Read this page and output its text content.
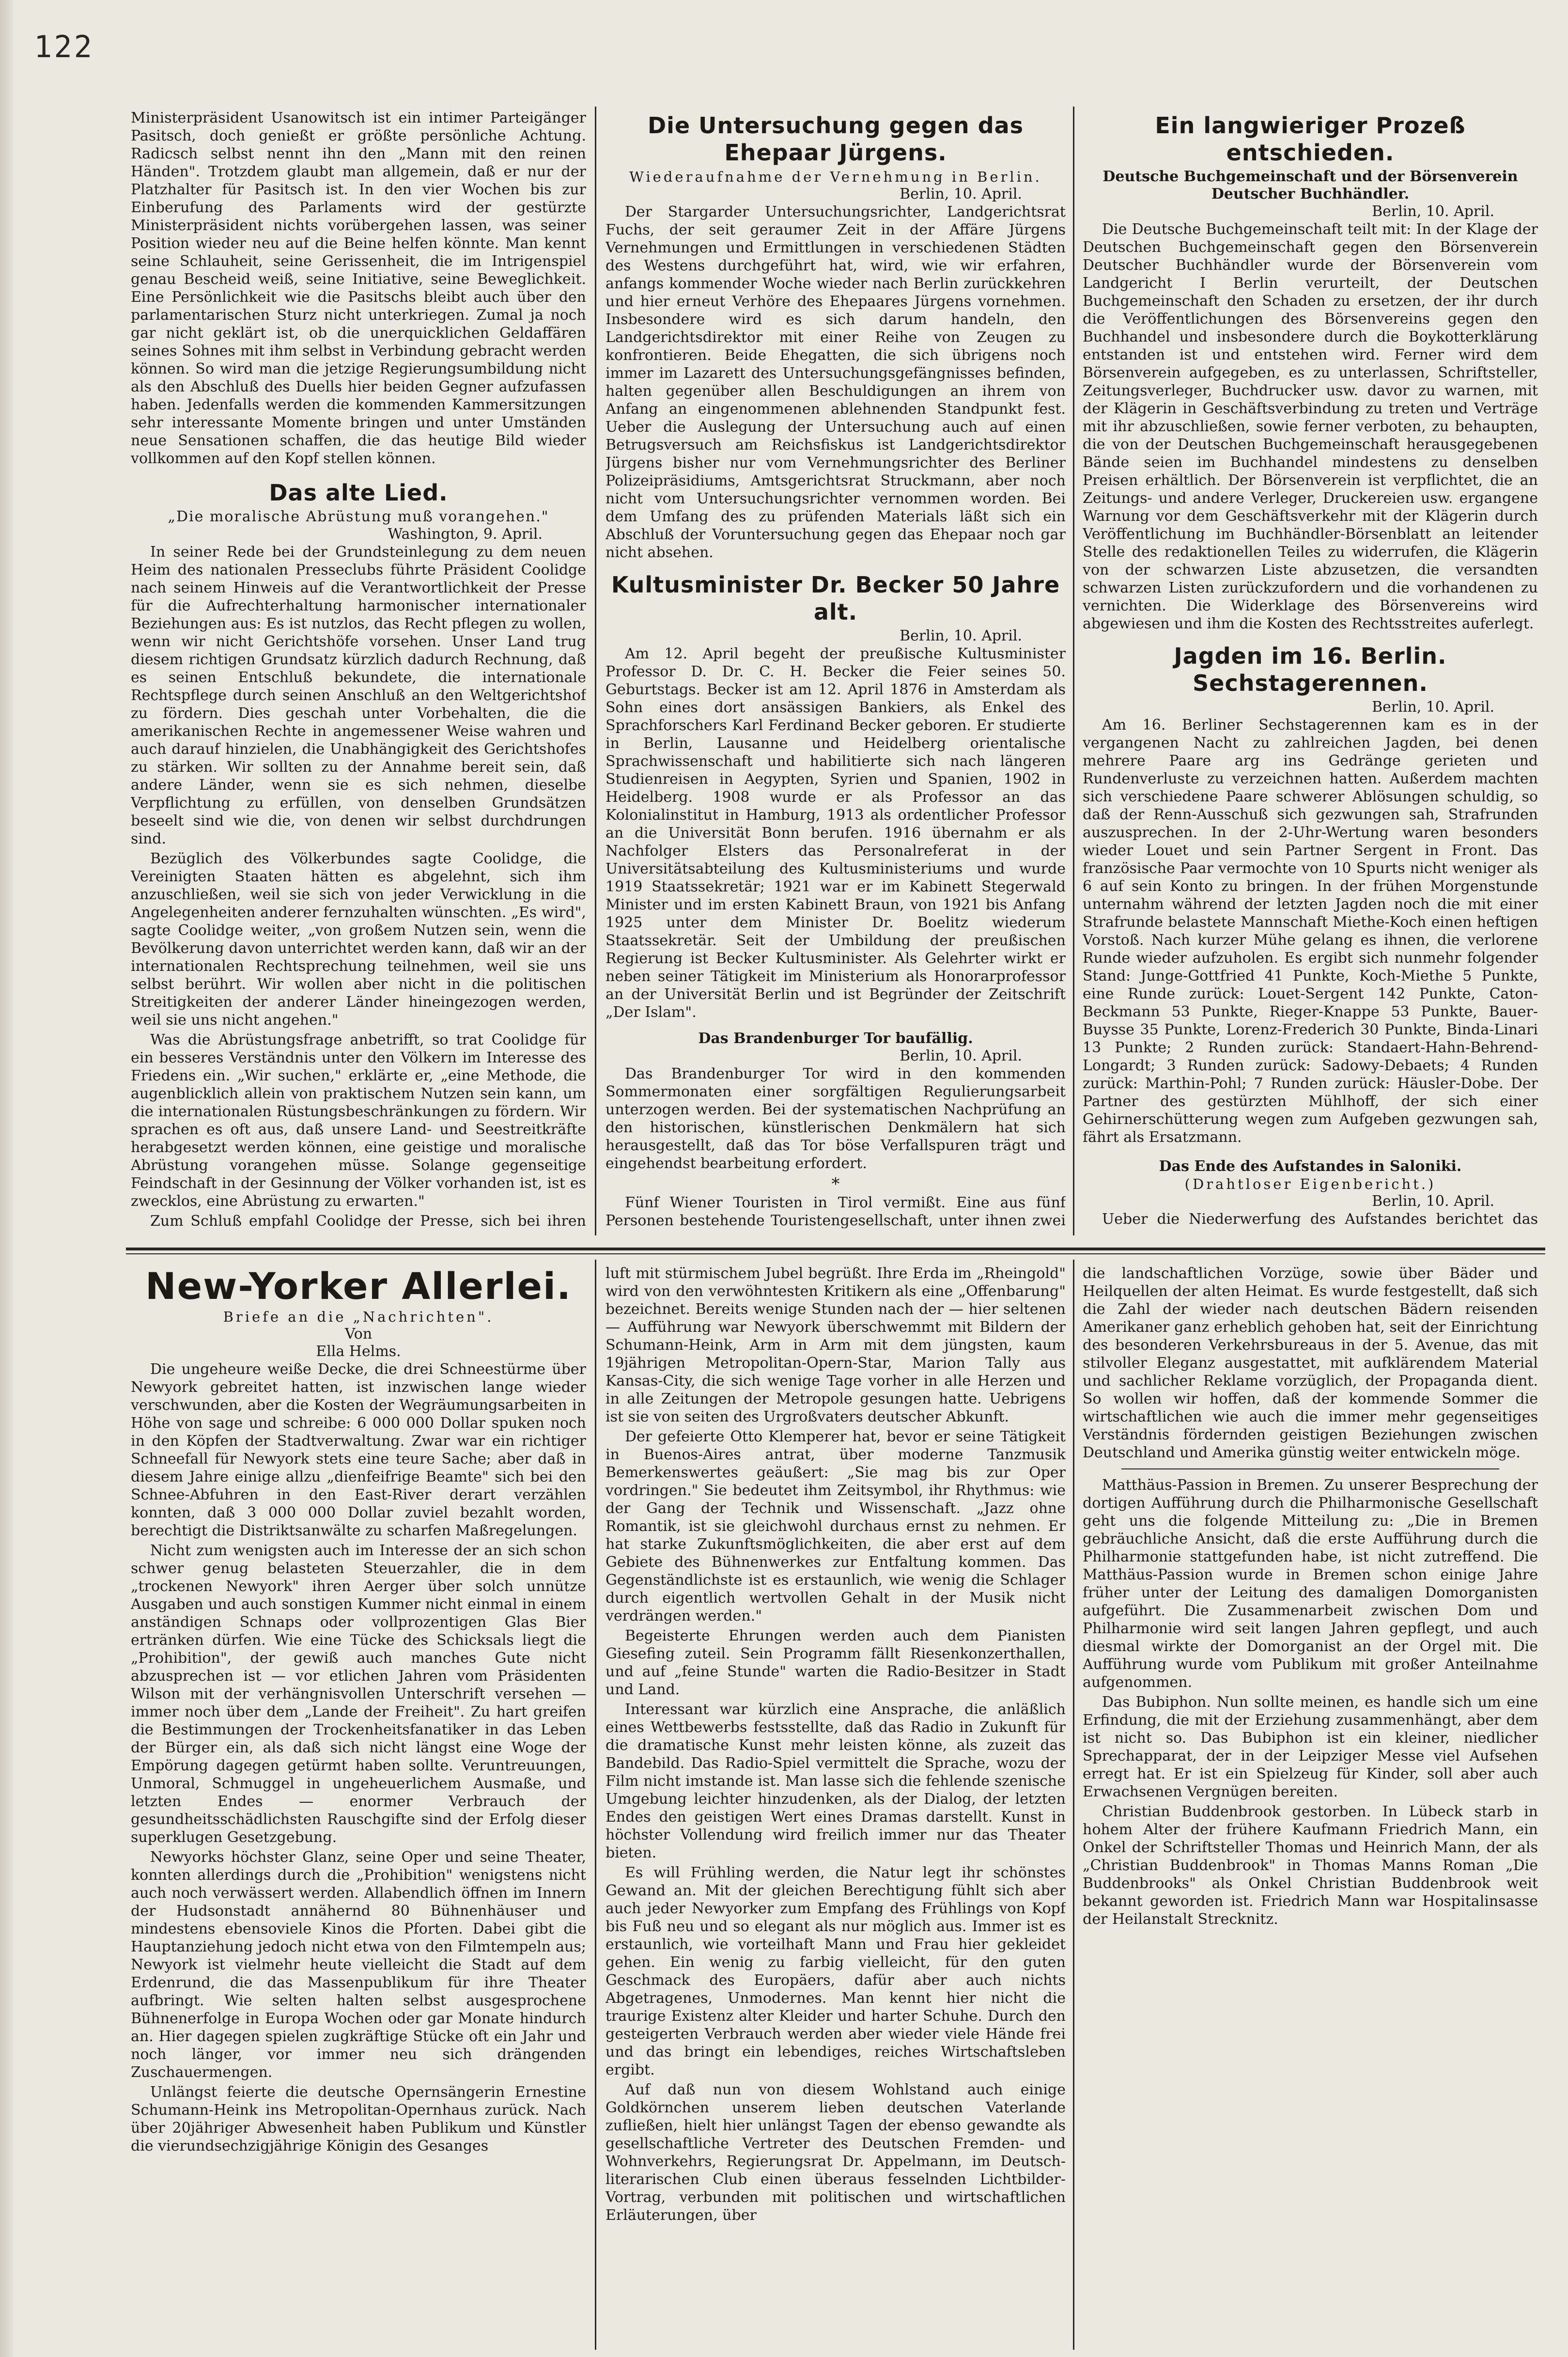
122

Ministerpräsident Usanowitsch ist ein intimer Parteigänger Pasitsch, doch genießt er größte persönliche Achtung. Radicsch selbst nennt ihn den „Mann mit den reinen Händen". Trotzdem glaubt man allgemein, daß er nur der Platzhalter für Pasitsch ist. In den vier Wochen bis zur Einberufung des Parlaments wird der gestürzte Ministerpräsident nichts vorübergehen lassen, was seiner Position wieder neu auf die Beine helfen könnte. Man kennt seine Schlauheit, seine Gerissenheit, die im Intrigenspiel genau Bescheid weiß, seine Initiative, seine Beweglichkeit. Eine Persönlichkeit wie die Pasitschs bleibt auch über den parlamentarischen Sturz nicht unterkriegen. Zumal ja noch gar nicht geklärt ist, ob die unerquicklichen Geldaffären seines Sohnes mit ihm selbst in Verbindung gebracht werden können. So wird man die jetzige Regierungsumbildung nicht als den Abschluß des Duells hier beiden Gegner aufzufassen haben. Jedenfalls werden die kommenden Kammersitzungen sehr interessante Momente bringen und unter Umständen neue Sensationen schaffen, die das heutige Bild wieder vollkommen auf den Kopf stellen können.

Das alte Lied.
„Die moralische Abrüstung muß vorangehen."
Washington, 9. April.

In seiner Rede bei der Grundsteinlegung zu dem neuen Heim des nationalen Presseclubs führte Präsident Coolidge nach seinem Hinweis auf die Verantwortlichkeit der Presse für die Aufrechterhaltung harmonischer internationaler Beziehungen aus: Es ist nutzlos, das Recht pflegen zu wollen, wenn wir nicht Gerichtshöfe vorsehen. Unser Land trug diesem richtigen Grundsatz kürzlich dadurch Rechnung, daß es seinen Entschluß bekundete, die internationale Rechtspflege durch seinen Anschluß an den Weltgerichtshof zu fördern. Dies geschah unter Vorbehalten, die die amerikanischen Rechte in angemessener Weise wahren und auch darauf hinzielen, die Unabhängigkeit des Gerichtshofes zu stärken. Wir sollten zu der Annahme bereit sein, daß andere Länder, wenn sie es sich nehmen, dieselbe Verpflichtung zu erfüllen, von denselben Grundsätzen beseelt sind wie die, von denen wir selbst durchdrungen sind.

Bezüglich des Völkerbundes sagte Coolidge, die Vereinigten Staaten hätten es abgelehnt, sich ihm anzuschließen, weil sie sich von jeder Verwicklung in die Angelegenheiten anderer fernzuhalten wünschten. „Es wird", sagte Coolidge weiter, „von großem Nutzen sein, wenn die Bevölkerung davon unterrichtet werden kann, daß wir an der internationalen Rechtsprechung teilnehmen, weil sie uns selbst berührt. Wir wollen aber nicht in die politischen Streitigkeiten der anderer Länder hineingezogen werden, weil sie uns nicht angehen."

Was die Abrüstungsfrage anbetrifft, so trat Coolidge für ein besseres Verständnis unter den Völkern im Interesse des Friedens ein. „Wir suchen," erklärte er, „eine Methode, die augenblicklich allein von praktischem Nutzen sein kann, um die internationalen Rüstungsbeschränkungen zu fördern. Wir sprachen es oft aus, daß unsere Land- und Seestreitkräfte herabgesetzt werden können, eine geistige und moralische Abrüstung vorangehen müsse. Solange gegenseitige Feindschaft in der Gesinnung der Völker vorhanden ist, ist es zwecklos, eine Abrüstung zu erwarten."

Zum Schluß empfahl Coolidge der Presse, sich bei ihren

Die Untersuchung gegen das Ehepaar Jürgens.
Wiederaufnahme der Vernehmung in Berlin.
Berlin, 10. April.

Der Stargarder Untersuchungsrichter, Landgerichtsrat Fuchs, der seit geraumer Zeit in der Affäre Jürgens Vernehmungen und Ermittlungen in verschiedenen Städten des Westens durchgeführt hat, wird, wie wir erfahren, anfangs kommender Woche wieder nach Berlin zurückkehren und hier erneut Verhöre des Ehepaares Jürgens vornehmen. Insbesondere wird es sich darum handeln, den Landgerichtsdirektor mit einer Reihe von Zeugen zu konfrontieren. Beide Ehegatten, die sich übrigens noch immer im Lazarett des Untersuchungsgefängnisses befinden, halten gegenüber allen Beschuldigungen an ihrem von Anfang an eingenommenen ablehnenden Standpunkt fest. Ueber die Auslegung der Untersuchung auch auf einen Betrugsversuch am Reichsfiskus ist Landgerichtsdirektor Jürgens bisher nur vom Vernehmungsrichter des Berliner Polizeipräsidiums, Amtsgerichtsrat Struckmann, aber noch nicht vom Untersuchungsrichter vernommen worden. Bei dem Umfang des zu prüfenden Materials läßt sich ein Abschluß der Voruntersuchung gegen das Ehepaar noch gar nicht absehen.

Kultusminister Dr. Becker 50 Jahre alt.
Berlin, 10. April.

Am 12. April begeht der preußische Kultusminister Professor D. Dr. C. H. Becker die Feier seines 50. Geburtstags. Becker ist am 12. April 1876 in Amsterdam als Sohn eines dort ansässigen Bankiers, als Enkel des Sprachforschers Karl Ferdinand Becker geboren. Er studierte in Berlin, Lausanne und Heidelberg orientalische Sprachwissenschaft und habilitierte sich nach längeren Studienreisen in Aegypten, Syrien und Spanien, 1902 in Heidelberg. 1908 wurde er als Professor an das Kolonialinstitut in Hamburg, 1913 als ordentlicher Professor an die Universität Bonn berufen. 1916 übernahm er als Nachfolger Elsters das Personalreferat in der Universitätsabteilung des Kultusministeriums und wurde 1919 Staatssekretär; 1921 war er im Kabinett Stegerwald Minister und im ersten Kabinett Braun, von 1921 bis Anfang 1925 unter dem Minister Dr. Boelitz wiederum Staatssekretär. Seit der Umbildung der preußischen Regierung ist Becker Kultusminister. Als Gelehrter wirkt er neben seiner Tätigkeit im Ministerium als Honorarprofessor an der Universität Berlin und ist Begründer der Zeitschrift „Der Islam".

Das Brandenburger Tor baufällig.
Berlin, 10. April.

Das Brandenburger Tor wird in den kommenden Sommermonaten einer sorgfältigen Regulierungsarbeit unterzogen werden. Bei der systematischen Nachprüfung an den historischen, künstlerischen Denkmälern hat sich herausgestellt, daß das Tor böse Verfallspuren trägt und eingehendst bearbeitung erfordert.

*

Fünf Wiener Touristen in Tirol vermißt. Eine aus fünf Personen bestehende Touristengesellschaft, unter ihnen zwei

Ein langwieriger Prozeß entschieden.
Deutsche Buchgemeinschaft und der Börsenverein Deutscher Buchhändler.
Berlin, 10. April.

Die Deutsche Buchgemeinschaft teilt mit: In der Klage der Deutschen Buchgemeinschaft gegen den Börsenverein Deutscher Buchhändler wurde der Börsenverein vom Landgericht I Berlin verurteilt, der Deutschen Buchgemeinschaft den Schaden zu ersetzen, der ihr durch die Veröffentlichungen des Börsenvereins gegen den Buchhandel und insbesondere durch die Boykotterklärung entstanden ist und entstehen wird. Ferner wird dem Börsenverein aufgegeben, es zu unterlassen, Schriftsteller, Zeitungsverleger, Buchdrucker usw. davor zu warnen, mit der Klägerin in Geschäftsverbindung zu treten und Verträge mit ihr abzuschließen, sowie ferner verboten, zu behaupten, die von der Deutschen Buchgemeinschaft herausgegebenen Bände seien im Buchhandel mindestens zu denselben Preisen erhältlich. Der Börsenverein ist verpflichtet, die an Zeitungs- und andere Verleger, Druckereien usw. ergangene Warnung vor dem Geschäftsverkehr mit der Klägerin durch Veröffentlichung im Buchhändler-Börsenblatt an leitender Stelle des redaktionellen Teiles zu widerrufen, die Klägerin von der schwarzen Liste abzusetzen, die versandten schwarzen Listen zurückzufordern und die vorhandenen zu vernichten. Die Widerklage des Börsenvereins wird abgewiesen und ihm die Kosten des Rechtsstreites auferlegt.

Jagden im 16. Berlin. Sechstagerennen.
Berlin, 10. April.

Am 16. Berliner Sechstagerennen kam es in der vergangenen Nacht zu zahlreichen Jagden, bei denen mehrere Paare arg ins Gedränge gerieten und Rundenverluste zu verzeichnen hatten. Außerdem machten sich verschiedene Paare schwerer Ablösungen schuldig, so daß der Renn-Ausschuß sich gezwungen sah, Strafrunden auszusprechen. In der 2-Uhr-Wertung waren besonders wieder Louet und sein Partner Sergent in Front. Das französische Paar vermochte von 10 Spurts nicht weniger als 6 auf sein Konto zu bringen. In der frühen Morgenstunde unternahm während der letzten Jagden noch die mit einer Strafrunde belastete Mannschaft Miethe-Koch einen heftigen Vorstoß. Nach kurzer Mühe gelang es ihnen, die verlorene Runde wieder aufzuholen. Es ergibt sich nunmehr folgender Stand: Junge-Gottfried 41 Punkte, Koch-Miethe 5 Punkte, eine Runde zurück: Louet-Sergent 142 Punkte, Caton-Beckmann 53 Punkte, Rieger-Knappe 53 Punkte, Bauer-Buysse 35 Punkte, Lorenz-Frederich 30 Punkte, Binda-Linari 13 Punkte; 2 Runden zurück: Standaert-Hahn-Behrend-Longardt; 3 Runden zurück: Sadowy-Debaets; 4 Runden zurück: Marthin-Pohl; 7 Runden zurück: Häusler-Dobe. Der Partner des gestürzten Mühlhoff, der sich einer Gehirnerschütterung wegen zum Aufgeben gezwungen sah, fährt als Ersatzmann.

Das Ende des Aufstandes in Saloniki.
(Drahtloser Eigenbericht.)
Berlin, 10. April.

Ueber die Niederwerfung des Aufstandes berichtet das

New-Yorker Allerlei.
Briefe an die „Nachrichten".
Von
Ella Helms.

Die ungeheure weiße Decke, die drei Schneestürme über Newyork gebreitet hatten, ist inzwischen lange wieder verschwunden, aber die Kosten der Wegräumungsarbeiten in Höhe von sage und schreibe: 6 000 000 Dollar spuken noch in den Köpfen der Stadtverwaltung. Zwar war ein richtiger Schneefall für Newyork stets eine teure Sache; aber daß in diesem Jahre einige allzu „dienfeifrige Beamte" sich bei den Schnee-Abfuhren in den East-River derart verzählen konnten, daß 3 000 000 Dollar zuviel bezahlt worden, berechtigt die Distriktsanwälte zu scharfen Maßregelungen.

Nicht zum wenigsten auch im Interesse der an sich schon schwer genug belasteten Steuerzahler, die in dem „trockenen Newyork" ihren Aerger über solch unnütze Ausgaben und auch sonstigen Kummer nicht einmal in einem anständigen Schnaps oder vollprozentigen Glas Bier ertränken dürfen. Wie eine Tücke des Schicksals liegt die „Prohibition", der gewiß auch manches Gute nicht abzusprechen ist — vor etlichen Jahren vom Präsidenten Wilson mit der verhängnisvollen Unterschrift versehen — immer noch über dem „Lande der Freiheit". Zu hart greifen die Bestimmungen der Trockenheitsfanatiker in das Leben der Bürger ein, als daß sich nicht längst eine Woge der Empörung dagegen getürmt haben sollte. Veruntreuungen, Unmoral, Schmuggel in ungeheuerlichem Ausmaße, und letzten Endes — enormer Verbrauch der gesundheitsschädlichsten Rauschgifte sind der Erfolg dieser superklugen Gesetzgebung.

Newyorks höchster Glanz, seine Oper und seine Theater, konnten allerdings durch die „Prohibition" wenigstens nicht auch noch verwässert werden. Allabendlich öffnen im Innern der Hudsonstadt annähernd 80 Bühnenhäuser und mindestens ebensoviele Kinos die Pforten. Dabei gibt die Hauptanziehung jedoch nicht etwa von den Filmtempeln aus; Newyork ist vielmehr heute vielleicht die Stadt auf dem Erdenrund, die das Massenpublikum für ihre Theater aufbringt. Wie selten halten selbst ausgesprochene Bühnenerfolge in Europa Wochen oder gar Monate hindurch an. Hier dagegen spielen zugkräftige Stücke oft ein Jahr und noch länger, vor immer neu sich drängenden Zuschauermengen.

Unlängst feierte die deutsche Opernsängerin Ernestine Schumann-Heink ins Metropolitan-Opernhaus zurück. Nach über 20jähriger Abwesenheit haben Publikum und Künstler die vierundsechzigjährige Königin des Gesanges

luft mit stürmischem Jubel begrüßt. Ihre Erda im „Rheingold" wird von den verwöhntesten Kritikern als eine „Offenbarung" bezeichnet. Bereits wenige Stunden nach der — hier seltenen — Aufführung war Newyork überschwemmt mit Bildern der Schumann-Heink, Arm in Arm mit dem jüngsten, kaum 19jährigen Metropolitan-Opern-Star, Marion Tally aus Kansas-City, die sich wenige Tage vorher in alle Herzen und in alle Zeitungen der Metropole gesungen hatte. Uebrigens ist sie von seiten des Urgroßvaters deutscher Abkunft.

Der gefeierte Otto Klemperer hat, bevor er seine Tätigkeit in Buenos-Aires antrat, über moderne Tanzmusik Bemerkenswertes geäußert: „Sie mag bis zur Oper vordringen." Sie bedeutet ihm Zeitsymbol, ihr Rhythmus: wie der Gang der Technik und Wissenschaft. „Jazz ohne Romantik, ist sie gleichwohl durchaus ernst zu nehmen. Er hat starke Zukunftsmöglichkeiten, die aber erst auf dem Gebiete des Bühnenwerkes zur Entfaltung kommen. Das Gegenständlichste ist es erstaunlich, wie wenig die Schlager durch eigentlich wertvollen Gehalt in der Musik nicht verdrängen werden."

Begeisterte Ehrungen werden auch dem Pianisten Giesefing zuteil. Sein Programm fällt Riesenkonzerthallen, und auf „feine Stunde" warten die Radio-Besitzer in Stadt und Land.

Interessant war kürzlich eine Ansprache, die anläßlich eines Wettbewerbs festsstellte, daß das Radio in Zukunft für die dramatische Kunst mehr leisten könne, als zuzeit das Bandebild. Das Radio-Spiel vermittelt die Sprache, wozu der Film nicht imstande ist. Man lasse sich die fehlende szenische Umgebung leichter hinzudenken, als der Dialog, der letzten Endes den geistigen Wert eines Dramas darstellt. Kunst in höchster Vollendung wird freilich immer nur das Theater bieten.

Es will Frühling werden, die Natur legt ihr schönstes Gewand an. Mit der gleichen Berechtigung fühlt sich aber auch jeder Newyorker zum Empfang des Frühlings von Kopf bis Fuß neu und so elegant als nur möglich aus. Immer ist es erstaunlich, wie vorteilhaft Mann und Frau hier gekleidet gehen. Ein wenig zu farbig vielleicht, für den guten Geschmack des Europäers, dafür aber auch nichts Abgetragenes, Unmodernes. Man kennt hier nicht die traurige Existenz alter Kleider und harter Schuhe. Durch den gesteigerten Verbrauch werden aber wieder viele Hände frei und das bringt ein lebendiges, reiches Wirtschaftsleben ergibt.

Auf daß nun von diesem Wohlstand auch einige Goldkörnchen unserem lieben deutschen Vaterlande zufließen, hielt hier unlängst Tagen der ebenso gewandte als gesellschaftliche Vertreter des Deutschen Fremden- und Wohnverkehrs, Regierungsrat Dr. Appelmann, im Deutsch-literarischen Club einen überaus fesselnden Lichtbilder-Vortrag, verbunden mit politischen und wirtschaftlichen Erläuterungen, über

die landschaftlichen Vorzüge, sowie über Bäder und Heilquellen der alten Heimat. Es wurde festgestellt, daß sich die Zahl der wieder nach deutschen Bädern reisenden Amerikaner ganz erheblich gehoben hat, seit der Einrichtung des besonderen Verkehrsbureaus in der 5. Avenue, das mit stilvoller Eleganz ausgestattet, mit aufklärendem Material und sachlicher Reklame vorzüglich, der Propaganda dient. So wollen wir hoffen, daß der kommende Sommer die wirtschaftlichen wie auch die immer mehr gegenseitiges Verständnis fördernden geistigen Beziehungen zwischen Deutschland und Amerika günstig weiter entwickeln möge.

Matthäus-Passion in Bremen. Zu unserer Besprechung der dortigen Aufführung durch die Philharmonische Gesellschaft geht uns die folgende Mitteilung zu: „Die in Bremen gebräuchliche Ansicht, daß die erste Aufführung durch die Philharmonie stattgefunden habe, ist nicht zutreffend. Die Matthäus-Passion wurde in Bremen schon einige Jahre früher unter der Leitung des damaligen Domorganisten aufgeführt. Die Zusammenarbeit zwischen Dom und Philharmonie wird seit langen Jahren gepflegt, und auch diesmal wirkte der Domorganist an der Orgel mit. Die Aufführung wurde vom Publikum mit großer Anteilnahme aufgenommen.

Das Bubiphon. Nun sollte meinen, es handle sich um eine Erfindung, die mit der Erziehung zusammenhängt, aber dem ist nicht so. Das Bubiphon ist ein kleiner, niedlicher Sprechapparat, der in der Leipziger Messe viel Aufsehen erregt hat. Er ist ein Spielzeug für Kinder, soll aber auch Erwachsenen Vergnügen bereiten.

Christian Buddenbrook gestorben. In Lübeck starb in hohem Alter der frühere Kaufmann Friedrich Mann, ein Onkel der Schriftsteller Thomas und Heinrich Mann, der als „Christian Buddenbrook" in Thomas Manns Roman „Die Buddenbrooks" als Onkel Christian Buddenbrook weit bekannt geworden ist. Friedrich Mann war Hospitalinsasse der Heilanstalt Strecknitz.
